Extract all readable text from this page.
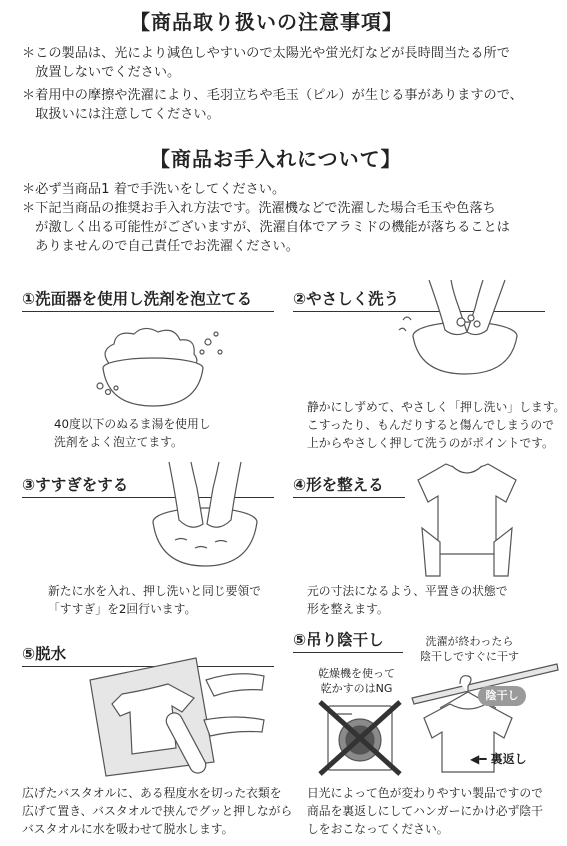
【商品取り扱いの注意事項】
＊この製品は、光により減色しやすいので太陽光や蛍光灯などが長時間当たる所で
　放置しないでください。
＊着用中の摩擦や洗濯により、毛羽立ちや毛玉（ピル）が生じる事がありますので、
　取扱いには注意してください。
【商品お手入れについて】
＊必ず当商品1 着で手洗いをしてください。
＊下記当商品の推奨お手入れ方法です。洗濯機などで洗濯した場合毛玉や色落ち
　が激しく出る可能性がございますが、洗濯自体でアラミドの機能が落ちることは
　ありませんので自己責任でお洗濯ください。
①洗面器を使用し洗剤を泡立てる
40度以下のぬるま湯を使用し
洗剤をよく泡立てます。
②やさしく洗う
静かにしずめて、やさしく「押し洗い」します。
こすったり、もんだりすると傷んでしまうので
上からやさしく押して洗うのがポイントです。
③すすぎをする
新たに水を入れ、押し洗いと同じ要領で
「すすぎ」を2回行います。
④形を整える
元の寸法になるよう、平置きの状態で
形を整えます。
⑤脱水
広げたバスタオルに、ある程度水を切った衣類を
広げて置き、バスタオルで挟んでグッと押しながら
バスタオルに水を吸わせて脱水します。
⑤吊り陰干し
乾燥機を使って
乾かすのはNG
洗濯が終わったら
陰干しですぐに干す
陰干し
◀━ 裏返し
日光によって色が変わりやすい製品ですので
商品を裏返しにしてハンガーにかけ必ず陰干
しをおこなってください。
